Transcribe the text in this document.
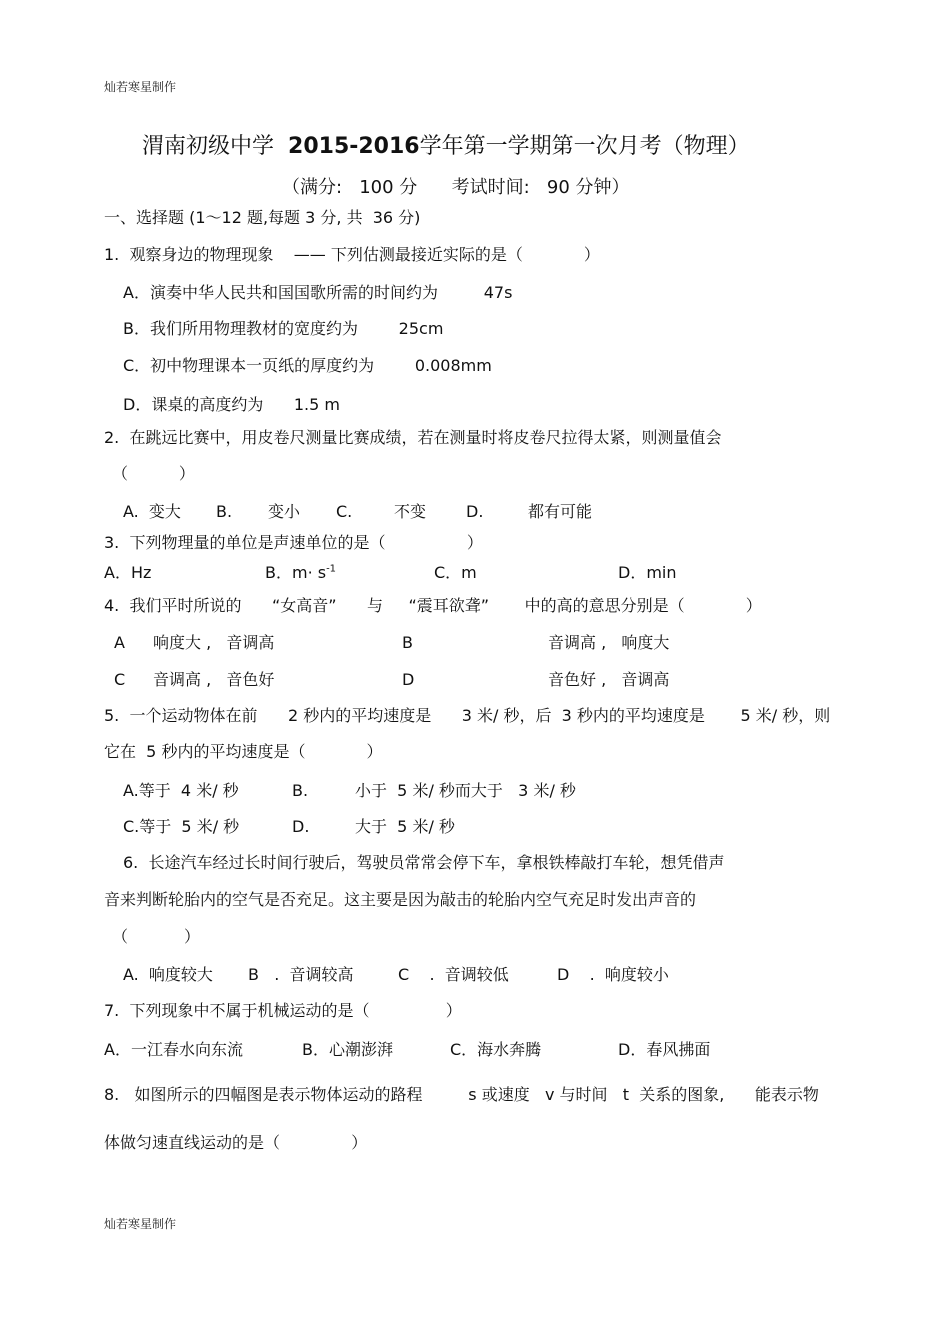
灿若寒星制作
渭南初级中学 2015-2016学年第一学期第一次月考（物理）
（满分:   100 分      考试时间:   90 分钟）
一、选择题 (1～12 题,每题 3 分, 共  36 分)
1.  观察身边的物理现象    —— 下列估测最接近实际的是（            ）
A．演奏中华人民共和国国歌所需的时间约为         47s
B．我们所用物理教材的宽度约为        25cm
C．初中物理课本一页纸的厚度约为        0.008mm
D．课桌的高度约为      1.5 m
2.  在跳远比赛中，用皮卷尺测量比赛成绩，若在测量时将皮卷尺拉得太紧，则测量值会
（          ）
A.  变大 B. 变小 C.	不变 D.	都有可能
3.  下列物理量的单位是声速单位的是（                ）
A．Hz	B．$m\cdot s^{-1}$	C．m	D．min
4.  我们平时所说的      “女高音”      与     “震耳欲聋”       中的高的意思分别是（            ）
A 响度大 ,   音调高	B	音调高 ,   响度大
C 音调高 ,   音色好	D	音色好 ,   音调高
5.  一个运动物体在前      2 秒内的平均速度是      3 米/ 秒，后  3 秒内的平均速度是       5 米/ 秒，则
它在  5 秒内的平均速度是（            ）
A.等于  4 米/ 秒	B.	小于  5 米/ 秒而大于   3 米/ 秒
C.等于  5 米/ 秒	D.	大于  5 米/ 秒
6.  长途汽车经过长时间行驶后，驾驶员常常会停下车，拿根铁棒敲打车轮，想凭借声
音来判断轮胎内的空气是否充足。这主要是因为敲击的轮胎内空气充足时发出声音的
（           ）
A.  响度较大 B   .  音调较高	C    .  音调较低	D    .  响度较小
7.  下列现象中不属于机械运动的是（               ）
A．一江春水向东流	B．心潮澎湃	C．海水奔腾	D．春风拂面
8.   如图所示的四幅图是表示物体运动的路程         s 或速度   v 与时间   t  关系的图象,      能表示物
体做匀速直线运动的是（              ）
灿若寒星制作
